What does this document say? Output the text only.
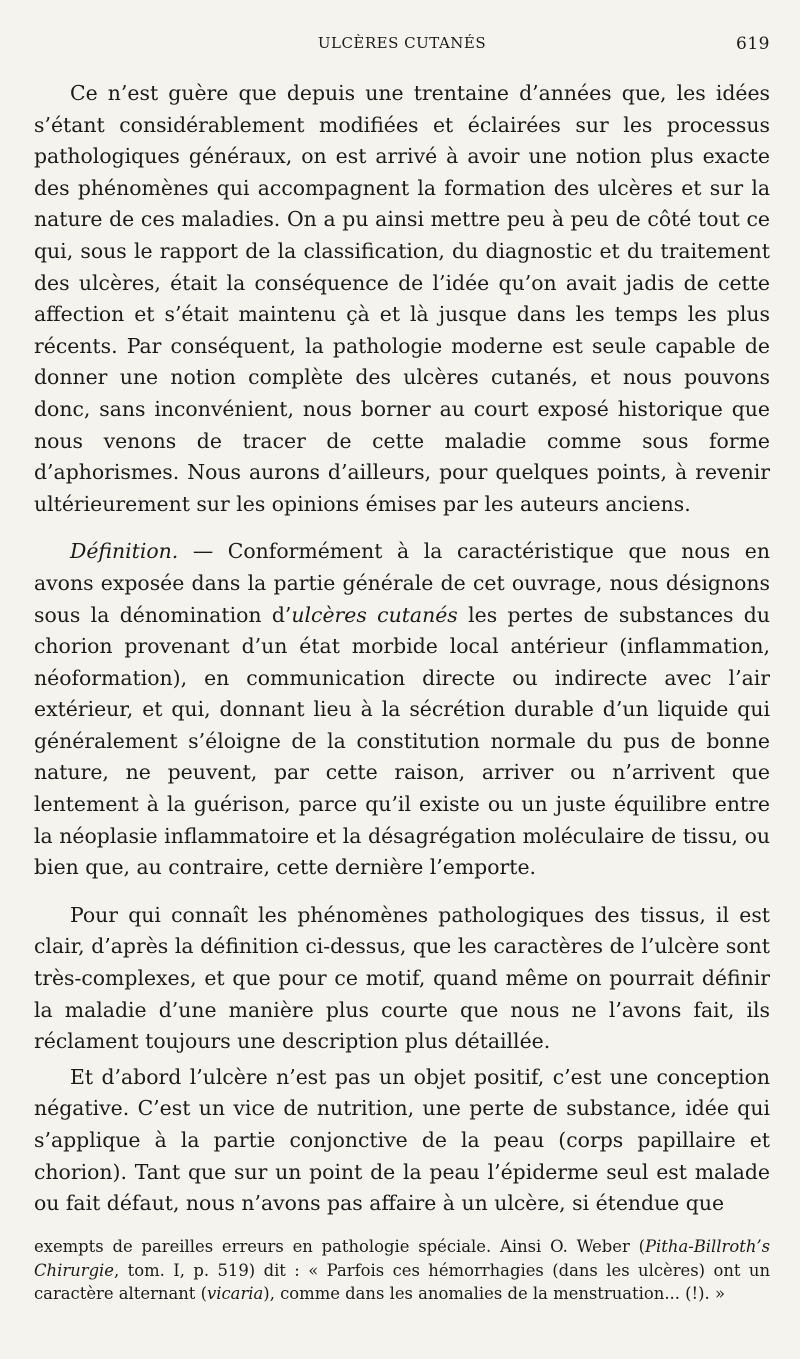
ULCÈRES CUTANÉS	619

Ce n’est guère que depuis une trentaine d’années que, les idées s’étant considérablement modifiées et éclairées sur les processus pathologiques généraux, on est arrivé à avoir une notion plus exacte des phénomènes qui accompagnent la formation des ulcères et sur la nature de ces maladies. On a pu ainsi mettre peu à peu de côté tout ce qui, sous le rapport de la classification, du diagnostic et du traitement des ulcères, était la conséquence de l’idée qu’on avait jadis de cette affection et s’était maintenu çà et là jusque dans les temps les plus récents. Par conséquent, la pathologie moderne est seule capable de donner une notion complète des ulcères cutanés, et nous pouvons donc, sans inconvénient, nous borner au court exposé historique que nous venons de tracer de cette maladie comme sous forme d’aphorismes. Nous aurons d’ailleurs, pour quelques points, à revenir ultérieurement sur les opinions émises par les auteurs anciens.

Définition. — Conformément à la caractéristique que nous en avons exposée dans la partie générale de cet ouvrage, nous désignons sous la dénomination d’ulcères cutanés les pertes de substances du chorion provenant d’un état morbide local antérieur (inflammation, néoformation), en communication directe ou indirecte avec l’air extérieur, et qui, donnant lieu à la sécrétion durable d’un liquide qui généralement s’éloigne de la constitution normale du pus de bonne nature, ne peuvent, par cette raison, arriver ou n’arrivent que lentement à la guérison, parce qu’il existe ou un juste équilibre entre la néoplasie inflammatoire et la désagrégation moléculaire de tissu, ou bien que, au contraire, cette dernière l’emporte.

Pour qui connaît les phénomènes pathologiques des tissus, il est clair, d’après la définition ci-dessus, que les caractères de l’ulcère sont très-complexes, et que pour ce motif, quand même on pourrait définir la maladie d’une manière plus courte que nous ne l’avons fait, ils réclament toujours une description plus détaillée.

Et d’abord l’ulcère n’est pas un objet positif, c’est une conception négative. C’est un vice de nutrition, une perte de substance, idée qui s’applique à la partie conjonctive de la peau (corps papillaire et chorion). Tant que sur un point de la peau l’épiderme seul est malade ou fait défaut, nous n’avons pas affaire à un ulcère, si étendue que

exempts de pareilles erreurs en pathologie spéciale. Ainsi O. Weber (Pitha-Billroth’s Chirurgie, tom. I, p. 519) dit : « Parfois ces hémorrhagies (dans les ulcères) ont un caractère alternant (vicaria), comme dans les anomalies de la menstruation... (!). »
